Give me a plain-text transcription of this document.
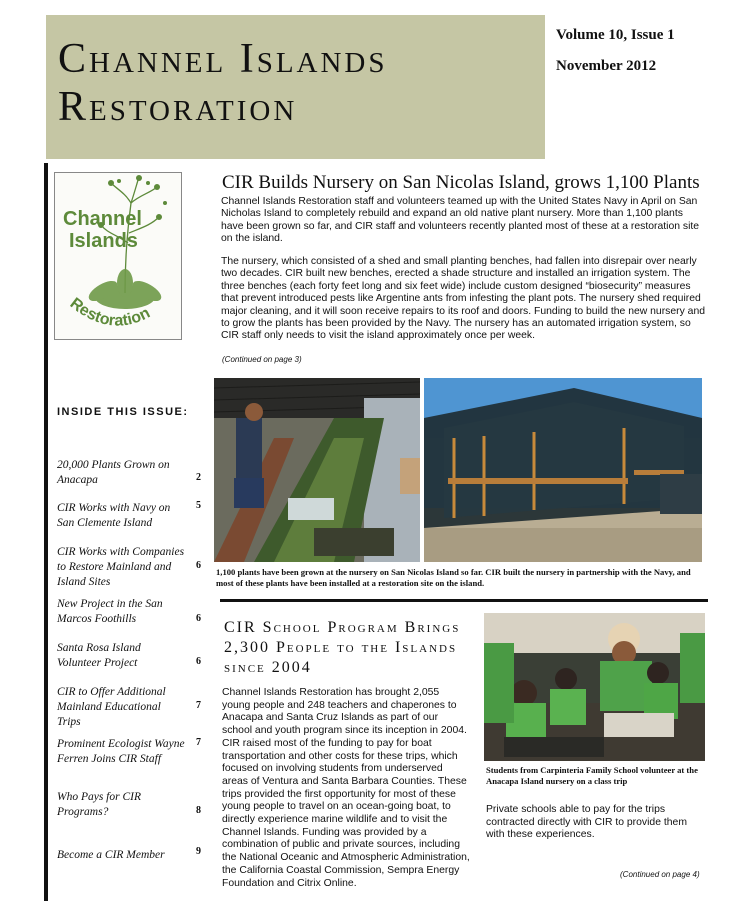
Channel Islands
Restoration
Volume 10, Issue 1
November 2012
Channel
Islands
Restoration
INSIDE THIS ISSUE:
20,000 Plants Grown on Anacapa	2
CIR Works with Navy on San Clemente Island
5
CIR Works with Companies to Restore Mainland and Island Sites
6
New Project in the San Marcos Foothills	6
Santa Rosa Island Volunteer Project	6
CIR to Offer Additional Mainland Educational Trips
7
Prominent Ecologist Wayne Ferren Joins CIR Staff
7
Who Pays for CIR Programs?	8
Become a CIR Member	9
CIR Builds Nursery on San Nicolas Island, grows 1,100 Plants
Channel Islands Restoration staff and volunteers teamed up with the United States Navy in April on San Nicholas Island to completely rebuild and expand an old native plant nursery. More than 1,100 plants have been grown so far, and CIR staff and volunteers recently planted most of these at a restoration site on the island.
The nursery, which consisted of a shed and small planting benches, had fallen into disrepair over nearly two decades. CIR built new benches, erected a shade structure and installed an irrigation system. The three benches (each forty feet long and six feet wide) include custom designed “biosecurity” measures that prevent introduced pests like Argentine ants from infesting the plant pots. The nursery shed required major cleaning, and it will soon receive repairs to its roof and doors. Funding to build the new nursery and to grow the plants has been provided by the Navy. The nursery has an automated irrigation system, so CIR staff only needs to visit the island approximately once per week.
(Continued on page 3)
1,100 plants have been grown at the nursery on San Nicolas Island so far. CIR built the nursery in partnership with the Navy, and most of these plants have been installed at a restoration site on the island.
CIR School Program Brings 2,300 People to the Islands since 2004
Channel Islands Restoration has brought 2,055 young people and 248 teachers and chaperones to Anacapa and Santa Cruz Islands as part of our school and youth program since its inception in 2004. CIR raised most of the funding to pay for boat transportation and other costs for these trips, which focused on involving students from underserved areas of Ventura and Santa Barbara Counties. These trips provided the first opportunity for most of these young people to travel on an ocean-going boat, to directly experience marine wildlife and to visit the Channel Islands. Funding was provided by a combination of public and private sources, including the National Oceanic and Atmospheric Administration, the California Coastal Commission, Sempra Energy Foundation and Citrix Online.
Students from Carpinteria Family School volunteer at the Anacapa Island nursery on a class trip
Private schools able to pay for the trips contracted directly with CIR to provide them with these experiences.
(Continued on page 4)
